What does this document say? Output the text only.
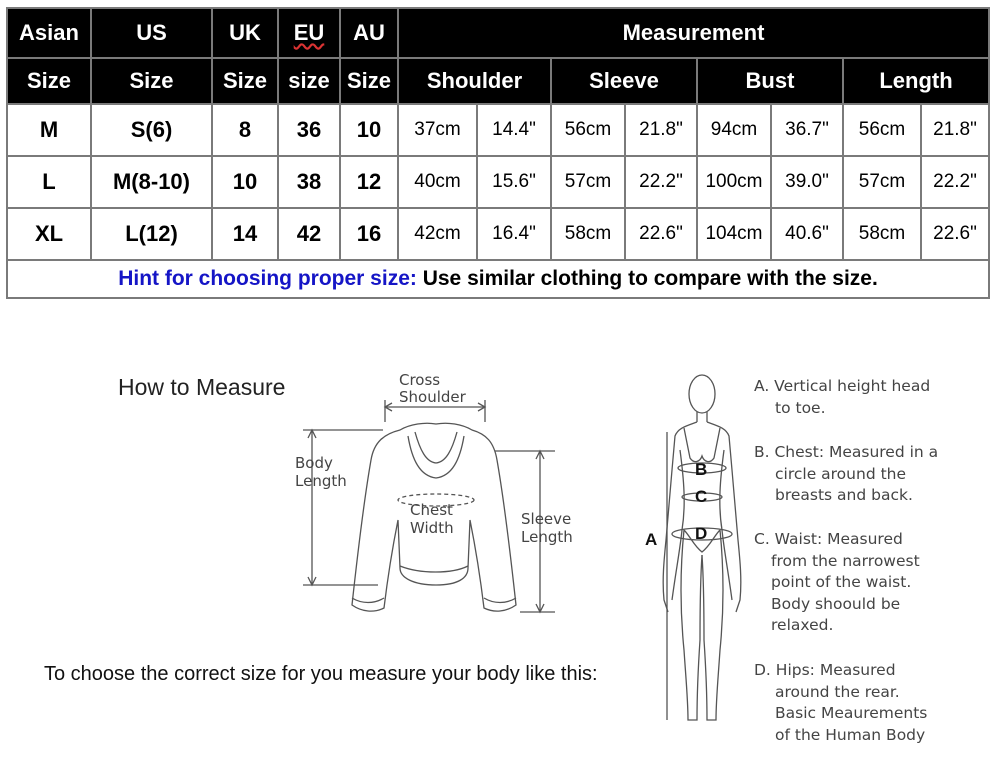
Asian	US	UK	EU	AU	Measurement							
Size	Size	Size	size	Size	Shoulder		Sleeve		Bust		Length	
M	S(6)	8	36	10	37cm	14.4"	56cm	21.8"	94cm	36.7"	56cm	21.8"
L	M(8-10)	10	38	12	40cm	15.6"	57cm	22.2"	100cm	39.0"	57cm	22.2"
XL	L(12)	14	42	16	42cm	16.4"	58cm	22.6"	104cm	40.6"	58cm	22.6"
Hint for choosing proper size: Use similar clothing to compare with the size.												
How to Measure	Cross
Shoulder
Body
Length
Chest
Width	Sleeve
Length
To choose the correct size for you measure your body like this:
B
C
D
A
A. Vertical height head
to toe.
B. Chest: Measured in a
circle around the
breasts and back.
C. Waist: Measured
from the narrowest
point of the waist.
Body shoould be
relaxed.
D. Hips: Measured
around the rear.
Basic Meaurements
of the Human Body
